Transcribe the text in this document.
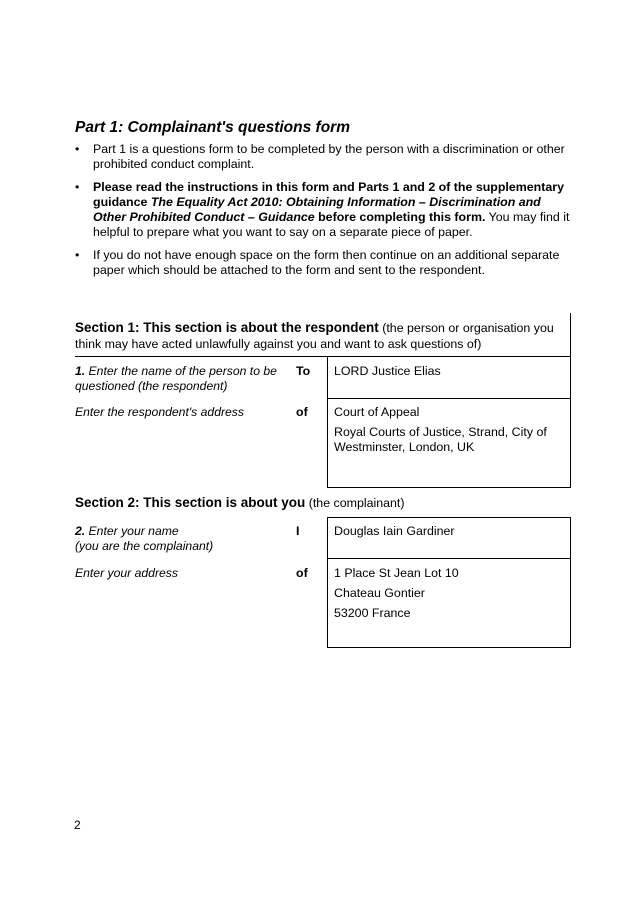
Part 1: Complainant's questions form
• Part 1 is a questions form to be completed by the person with a discrimination or other prohibited conduct complaint.
• Please read the instructions in this form and Parts 1 and 2 of the supplementary guidance The Equality Act 2010: Obtaining Information – Discrimination and Other Prohibited Conduct – Guidance before completing this form. You may find it helpful to prepare what you want to say on a separate piece of paper.
• If you do not have enough space on the form then continue on an additional separate paper which should be attached to the form and sent to the respondent.
Section 1: This section is about the respondent (the person or organisation you think may have acted unlawfully against you and want to ask questions of)
1. Enter the name of the person to be questioned (the respondent)
To LORD Justice Elias
Enter the respondent's address	of Court of Appeal
Royal Courts of Justice, Strand, City of Westminster, London, UK
Section 2: This section is about you (the complainant)
2. Enter your name
(you are the complainant)
I	Douglas Iain Gardiner
Enter your address	of 1 Place St Jean Lot 10
Chateau Gontier
53200 France
2
